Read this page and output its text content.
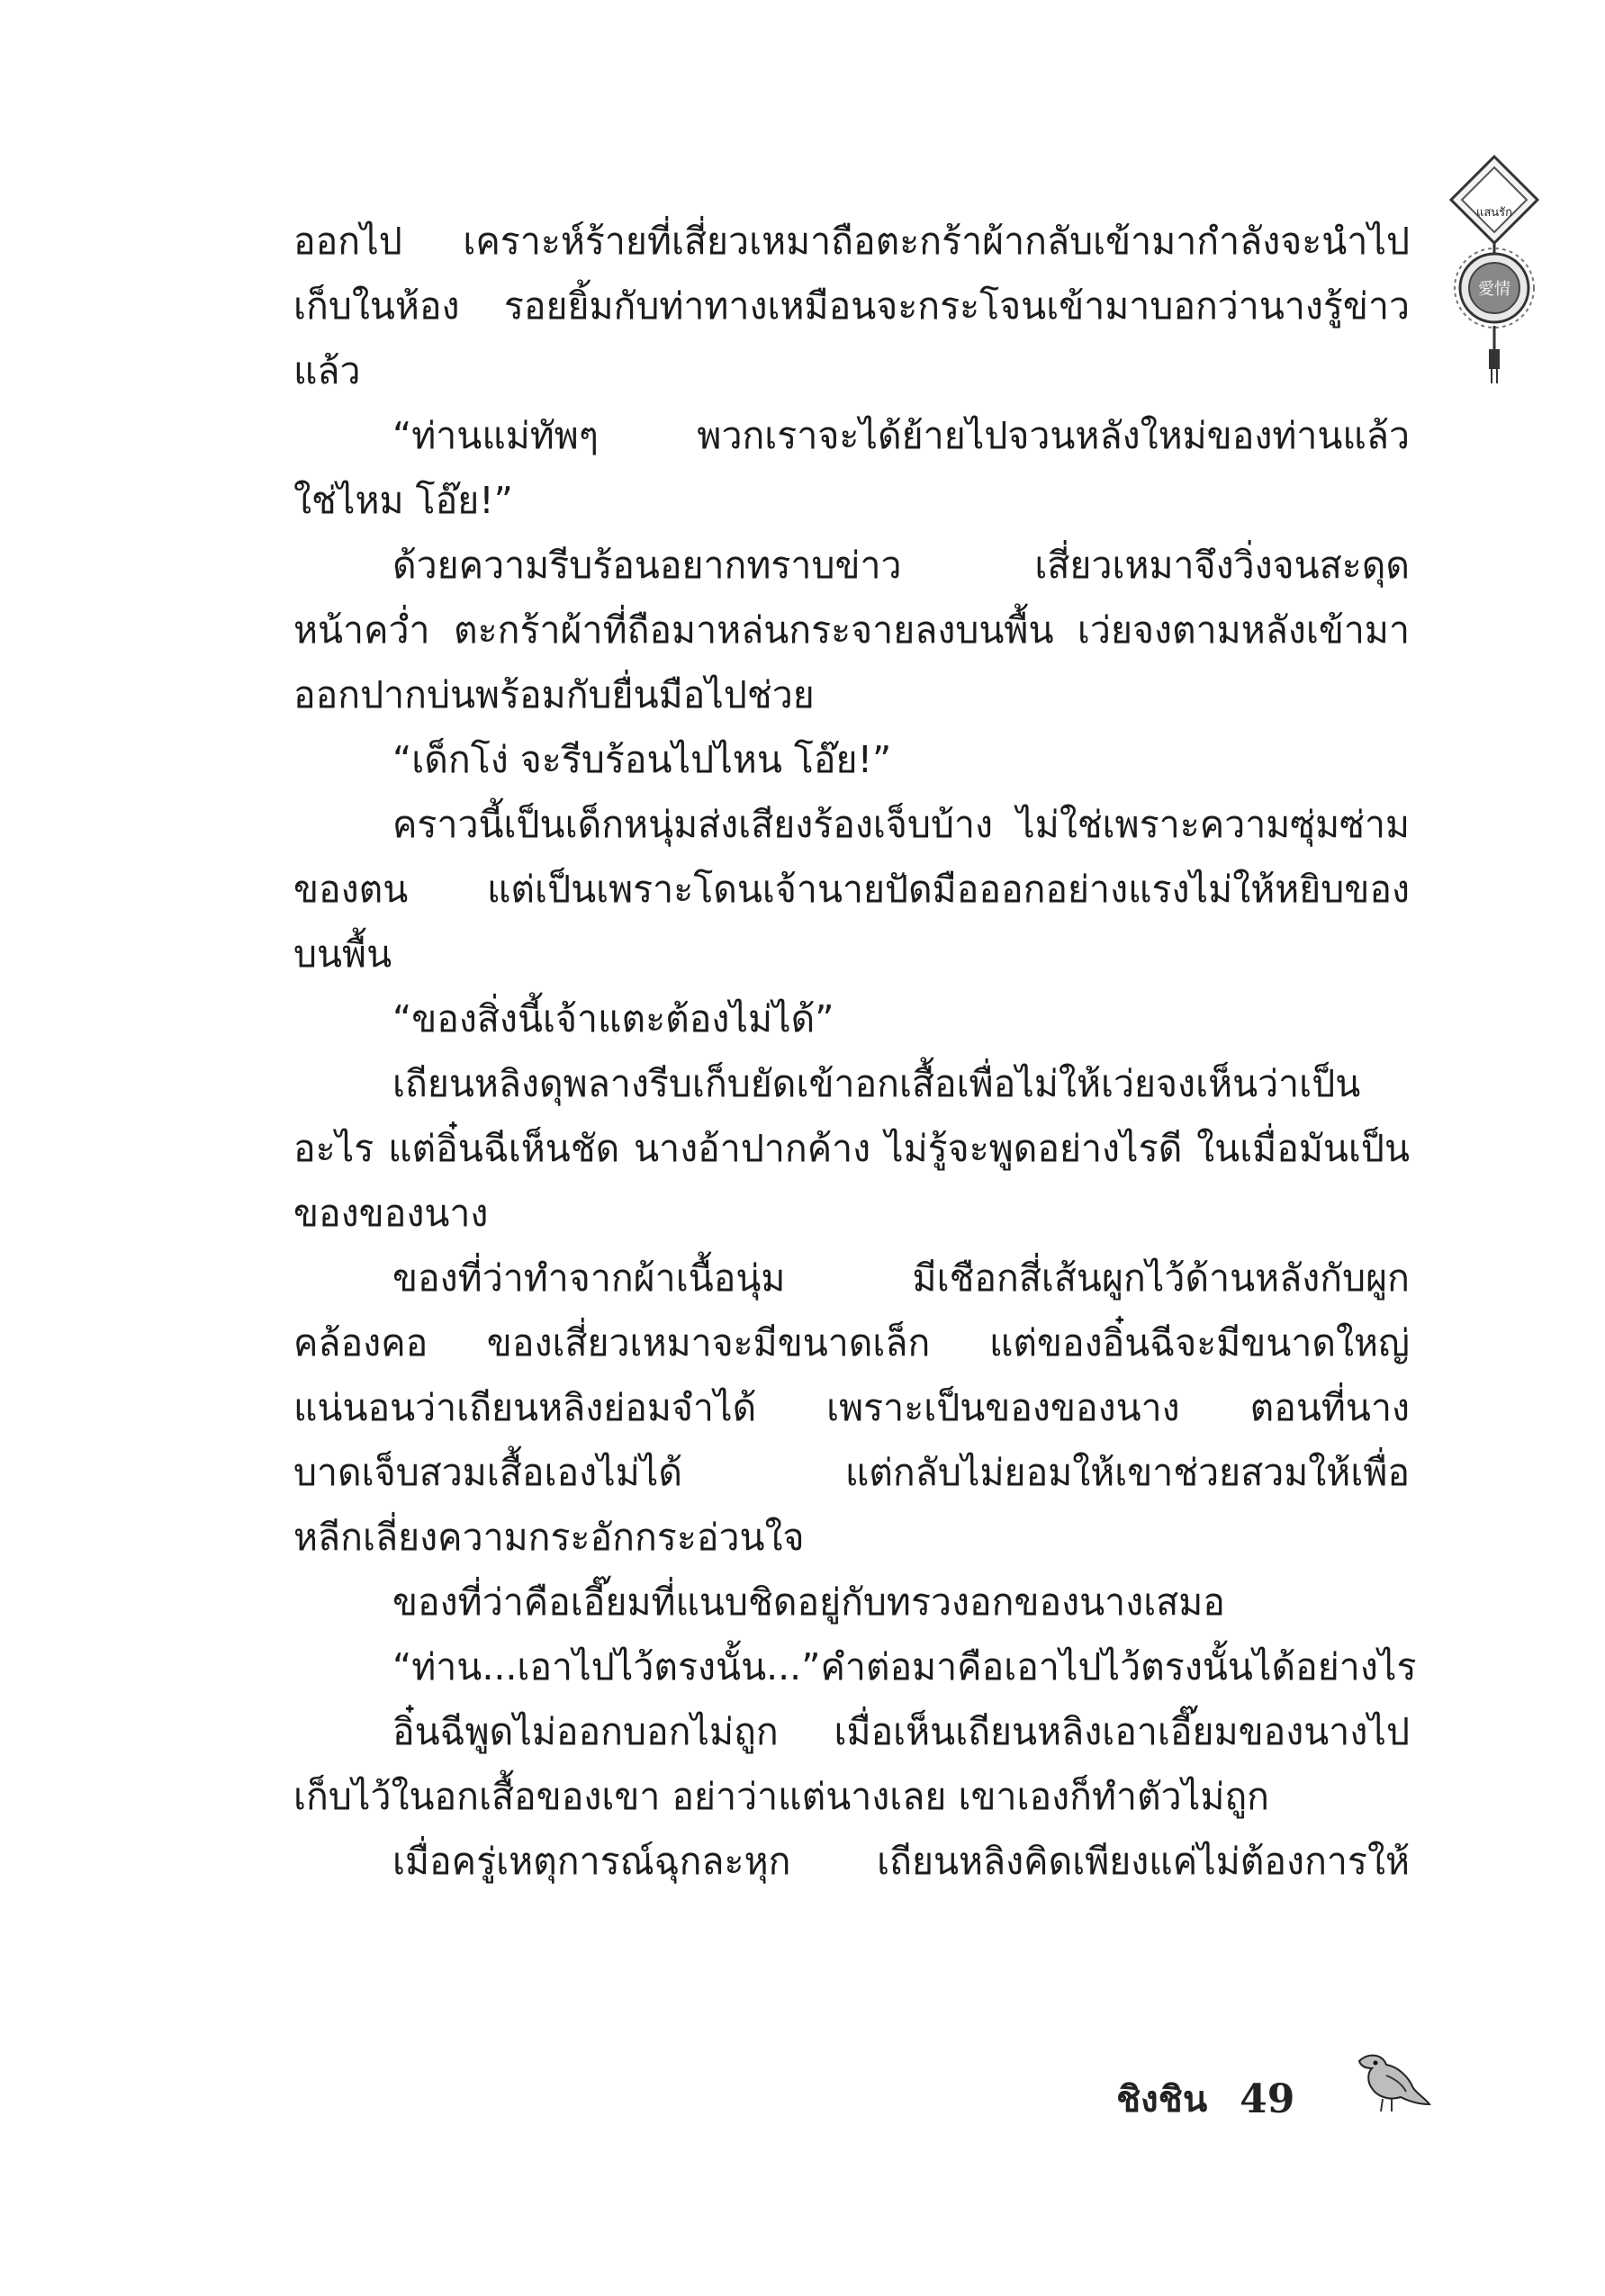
แสนรัก
愛情
ออกไป เคราะห์ร้ายที่เสี่ยวเหมาถือตะกร้าผ้ากลับเข้ามากำลังจะนำไป
เก็บในห้อง รอยยิ้มกับท่าทางเหมือนจะกระโจนเข้ามาบอกว่านางรู้ข่าว
แล้ว
“ท่านแม่ทัพๆ	พวกเราจะได้ย้ายไปจวนหลังใหม่ของท่านแล้ว
ใช่ไหม โอ๊ย!”
ด้วยความรีบร้อนอยากทราบข่าว	เสี่ยวเหมาจึงวิ่งจนสะดุด
หน้าคว่ำ ตะกร้าผ้าที่ถือมาหล่นกระจายลงบนพื้น เว่ยจงตามหลังเข้ามา
ออกปากบ่นพร้อมกับยื่นมือไปช่วย
“เด็กโง่ จะรีบร้อนไปไหน โอ๊ย!”
คราวนี้เป็นเด็กหนุ่มส่งเสียงร้องเจ็บบ้าง ไม่ใช่เพราะความซุ่มซ่าม
ของตน แต่เป็นเพราะโดนเจ้านายปัดมือออกอย่างแรงไม่ให้หยิบของ
บนพื้น
“ของสิ่งนี้เจ้าแตะต้องไม่ได้”
เถียนหลิงดุพลางรีบเก็บยัดเข้าอกเสื้อเพื่อไม่ให้เว่ยจงเห็นว่าเป็น
อะไร แต่อิ๋นฉีเห็นชัด นางอ้าปากค้าง ไม่รู้จะพูดอย่างไรดี ในเมื่อมันเป็น
ของของนาง
ของที่ว่าทำจากผ้าเนื้อนุ่ม	มีเชือกสี่เส้นผูกไว้ด้านหลังกับผูก
คล้องคอ ของเสี่ยวเหมาจะมีขนาดเล็ก แต่ของอิ๋นฉีจะมีขนาดใหญ่
แน่นอนว่าเถียนหลิงย่อมจำได้ เพราะเป็นของของนาง ตอนที่นาง
บาดเจ็บสวมเสื้อเองไม่ได้	แต่กลับไม่ยอมให้เขาช่วยสวมให้เพื่อ
หลีกเลี่ยงความกระอักกระอ่วนใจ
ของที่ว่าคือเอี๊ยมที่แนบชิดอยู่กับทรวงอกของนางเสมอ
“ท่าน... เอาไปไว้ตรงนั้น...” คำต่อมาคือเอาไปไว้ตรงนั้นได้อย่างไร
อิ๋นฉีพูดไม่ออกบอกไม่ถูก เมื่อเห็นเถียนหลิงเอาเอี๊ยมของนางไป
เก็บไว้ในอกเสื้อของเขา อย่าว่าแต่นางเลย เขาเองก็ทำตัวไม่ถูก
เมื่อครู่เหตุการณ์ฉุกละหุก เถียนหลิงคิดเพียงแค่ไม่ต้องการให้
ชิงชิน 49
